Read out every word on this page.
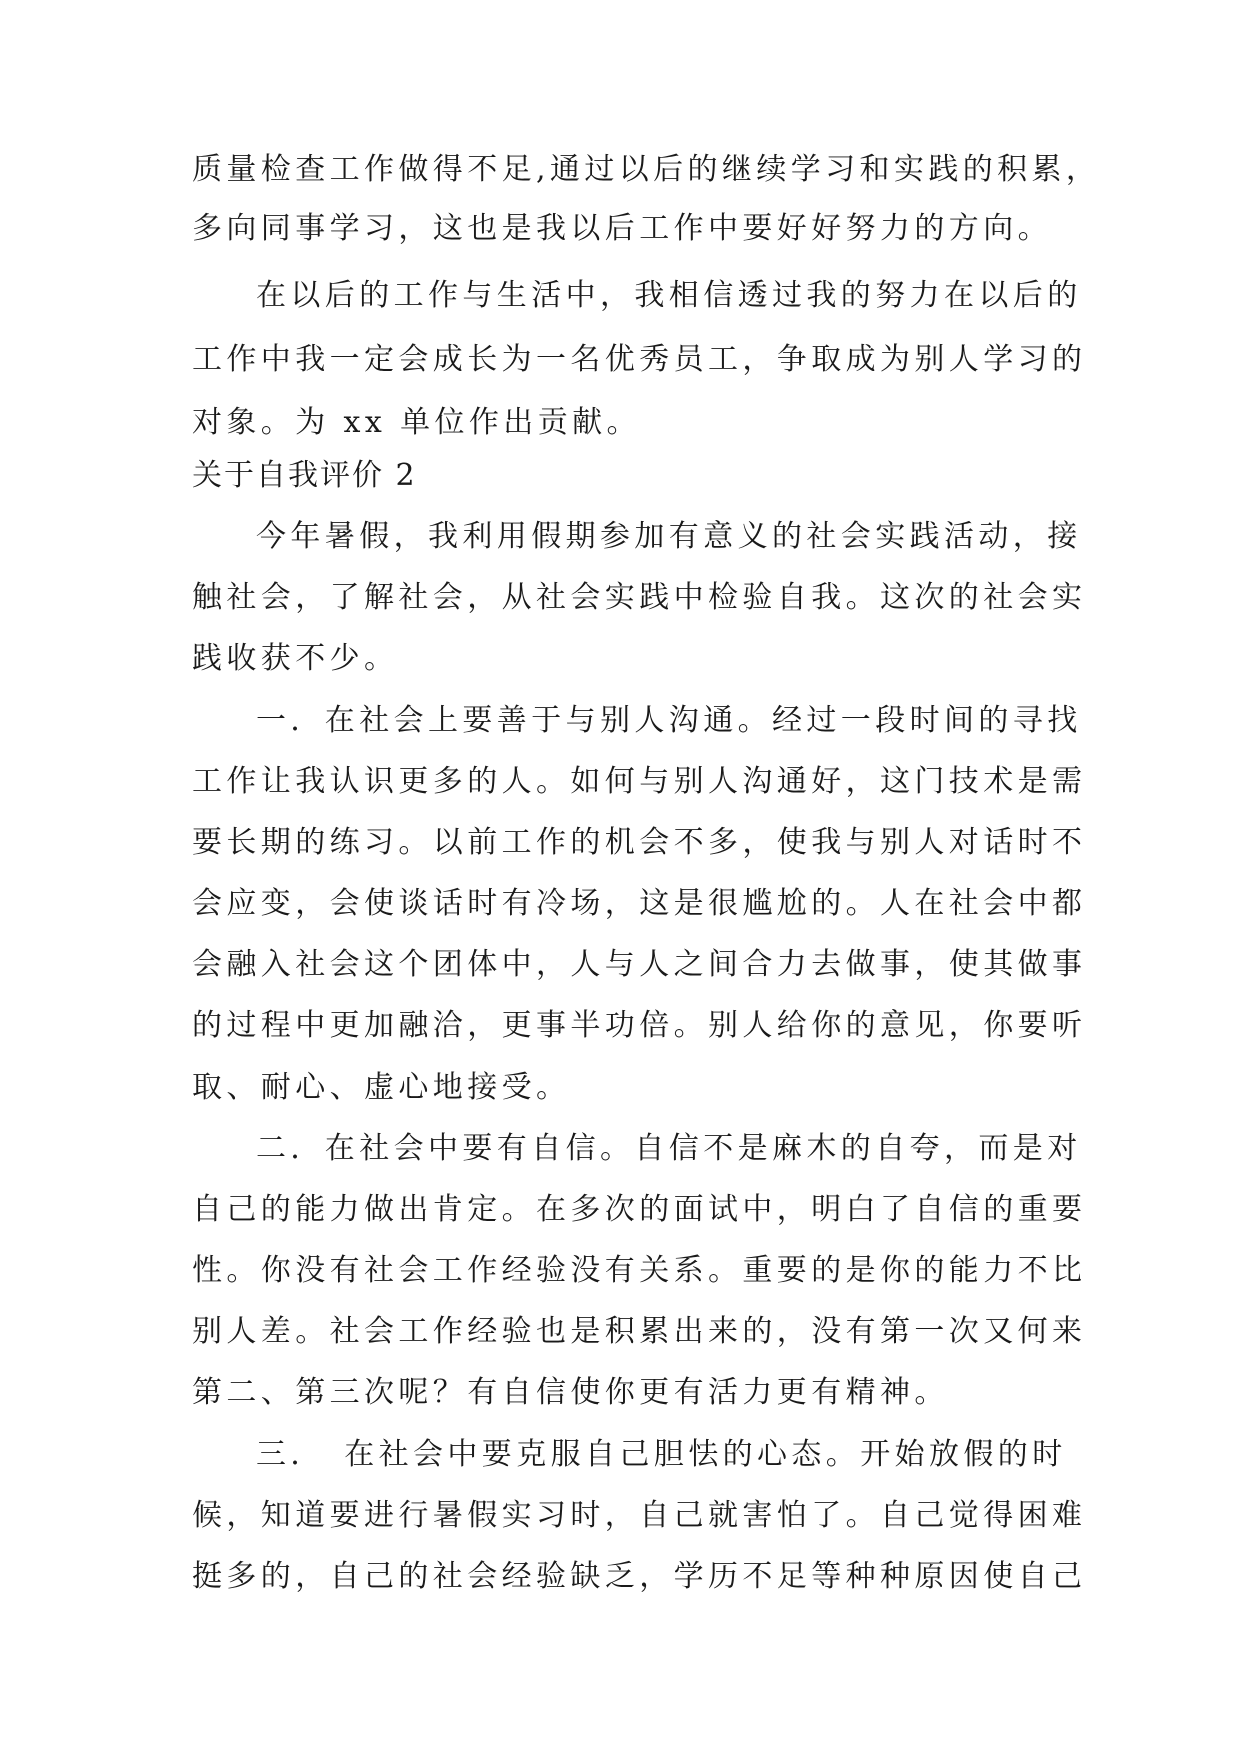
质量检查工作做得不足,通过以后的继续学习和实践的积累，
多向同事学习，这也是我以后工作中要好好努力的方向。
在以后的工作与生活中，我相信透过我的努力在以后的
工作中我一定会成长为一名优秀员工，争取成为别人学习的
对象。为 xx 单位作出贡献。
关于自我评价 2
今年暑假，我利用假期参加有意义的社会实践活动，接
触社会，了解社会，从社会实践中检验自我。这次的社会实
践收获不少。
一．在社会上要善于与别人沟通。经过一段时间的寻找
工作让我认识更多的人。如何与别人沟通好，这门技术是需
要长期的练习。以前工作的机会不多，使我与别人对话时不
会应变，会使谈话时有冷场，这是很尴尬的。人在社会中都
会融入社会这个团体中，人与人之间合力去做事，使其做事
的过程中更加融洽，更事半功倍。别人给你的意见，你要听
取、耐心、虚心地接受。
二．在社会中要有自信。自信不是麻木的自夸，而是对
自己的能力做出肯定。在多次的面试中，明白了自信的重要
性。你没有社会工作经验没有关系。重要的是你的能力不比
别人差。社会工作经验也是积累出来的，没有第一次又何来
第二、第三次呢？有自信使你更有活力更有精神。
三．　在社会中要克服自己胆怯的心态。开始放假的时
候，知道要进行暑假实习时，自己就害怕了。自己觉得困难
挺多的，自己的社会经验缺乏，学历不足等种种原因使自己
